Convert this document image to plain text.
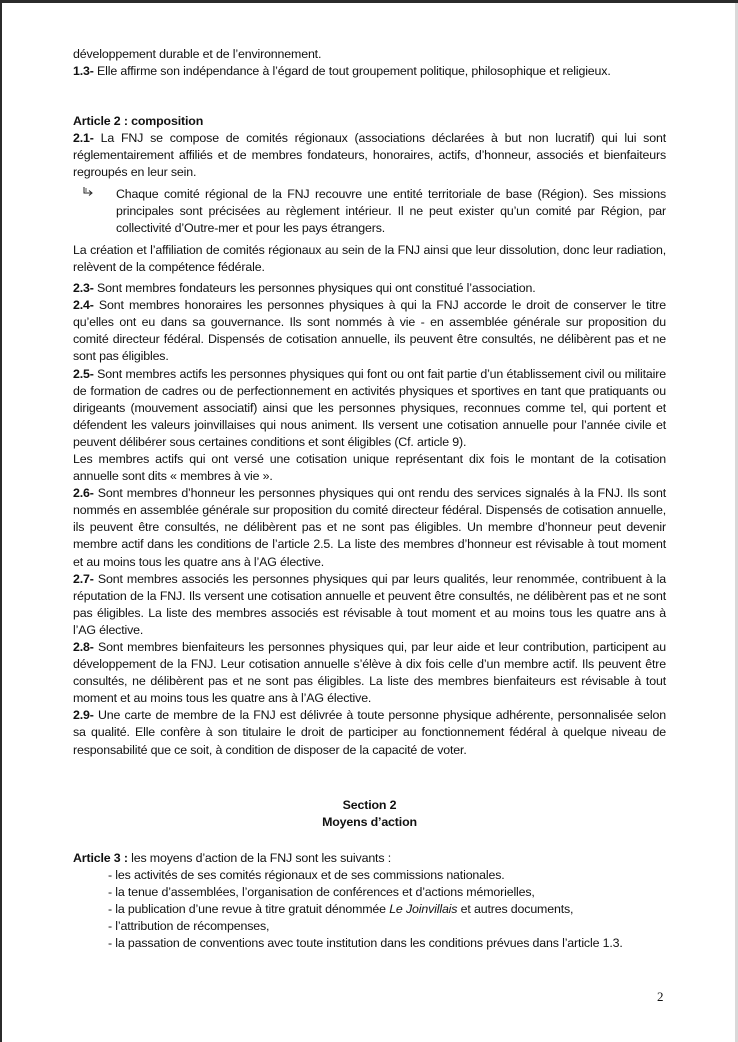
développement durable et de l’environnement.

1.3- Elle affirme son indépendance à l’égard de tout groupement politique, philosophique et religieux.

Article 2 : composition

2.1- La FNJ se compose de comités régionaux (associations déclarées à but non lucratif) qui lui sont réglementairement affiliés et de membres fondateurs, honoraires, actifs, d’honneur, associés et bienfaiteurs regroupés en leur sein.

Chaque comité régional de la FNJ recouvre une entité territoriale de base (Région). Ses missions principales sont précisées au règlement intérieur. Il ne peut exister qu’un comité par Région, par collectivité d’Outre-mer et pour les pays étrangers.

La création et l’affiliation de comités régionaux au sein de la FNJ ainsi que leur dissolution, donc leur radiation, relèvent de la compétence fédérale.

2.3- Sont membres fondateurs les personnes physiques qui ont constitué l’association.

2.4- Sont membres honoraires les personnes physiques à qui la FNJ accorde le droit de conserver le titre qu’elles ont eu dans sa gouvernance. Ils sont nommés à vie - en assemblée générale sur proposition du comité directeur fédéral. Dispensés de cotisation annuelle, ils peuvent être consultés, ne délibèrent pas et ne sont pas éligibles.

2.5- Sont membres actifs les personnes physiques qui font ou ont fait partie d’un établissement civil ou militaire de formation de cadres ou de perfectionnement en activités physiques et sportives en tant que pratiquants ou dirigeants (mouvement associatif) ainsi que les personnes physiques, reconnues comme tel, qui portent et défendent les valeurs joinvillaises qui nous animent. Ils versent une cotisation annuelle pour l’année civile et peuvent délibérer sous certaines conditions et sont éligibles (Cf. article 9).

Les membres actifs qui ont versé une cotisation unique représentant dix fois le montant de la cotisation annuelle sont dits « membres à vie ».

2.6- Sont membres d’honneur les personnes physiques qui ont rendu des services signalés à la FNJ. Ils sont nommés en assemblée générale sur proposition du comité directeur fédéral. Dispensés de cotisation annuelle, ils peuvent être consultés, ne délibèrent pas et ne sont pas éligibles. Un membre d’honneur peut devenir membre actif dans les conditions de l’article 2.5. La liste des membres d’honneur est révisable à tout moment et au moins tous les quatre ans à l’AG élective.

2.7- Sont membres associés les personnes physiques qui par leurs qualités, leur renommée, contribuent à la réputation de la FNJ. Ils versent une cotisation annuelle et peuvent être consultés, ne délibèrent pas et ne sont pas éligibles. La liste des membres associés est révisable à tout moment et au moins tous les quatre ans à l’AG élective.

2.8- Sont membres bienfaiteurs les personnes physiques qui, par leur aide et leur contribution, participent au développement de la FNJ. Leur cotisation annuelle s’élève à dix fois celle d’un membre actif. Ils peuvent être consultés, ne délibèrent pas et ne sont pas éligibles. La liste des membres bienfaiteurs est révisable à tout moment et au moins tous les quatre ans à l’AG élective.

2.9- Une carte de membre de la FNJ est délivrée à toute personne physique adhérente, personnalisée selon sa qualité. Elle confère à son titulaire le droit de participer au fonctionnement fédéral à quelque niveau de responsabilité que ce soit, à condition de disposer de la capacité de voter.

Section 2

Moyens d’action

Article 3 : les moyens d’action de la FNJ sont les suivants :

- les activités de ses comités régionaux et de ses commissions nationales.

- la tenue d’assemblées, l’organisation de conférences et d’actions mémorielles,

- la publication d’une revue à titre gratuit dénommée Le Joinvillais et autres documents,

- l’attribution de récompenses,

- la passation de conventions avec toute institution dans les conditions prévues dans l’article 1.3.

2
